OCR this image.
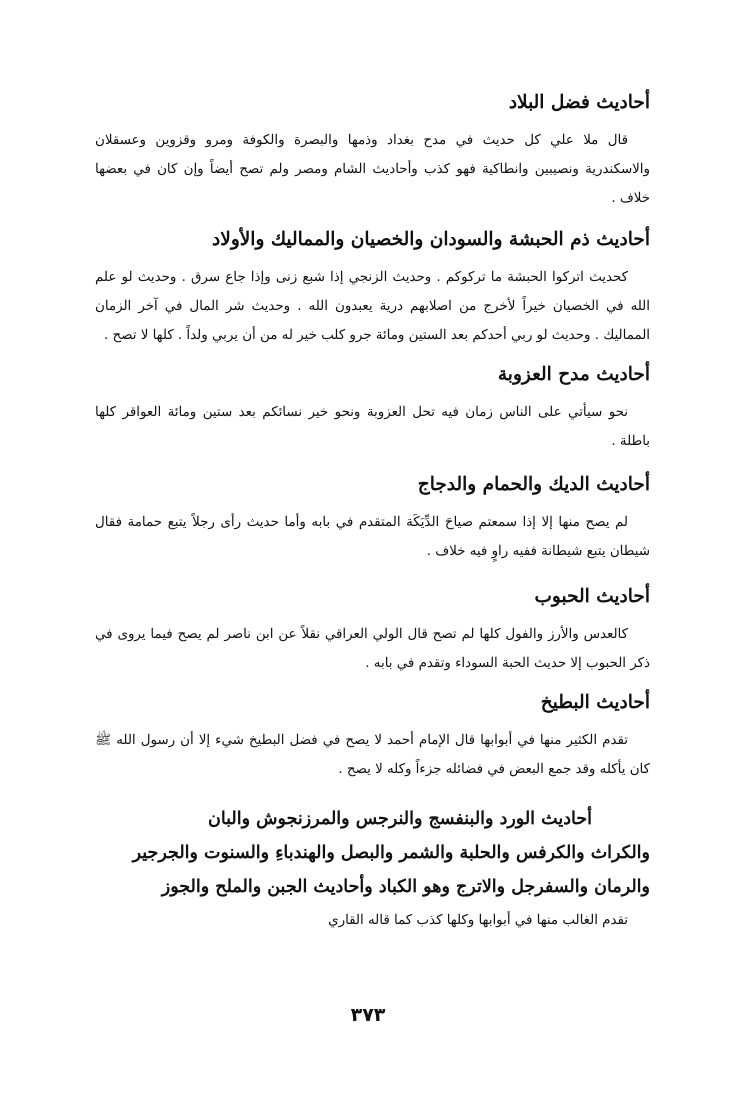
أحاديث فضل البلاد

قال ملا علي كل حديث في مدح بغداد وذمها والبصرة والكوفة ومرو وقزوين وعسقلان والاسكندرية ونصيبين وانطاكية فهو كذب وأحاديث الشام ومصر ولم تصح أيضاً وإن كان في بعضها خلاف .

أحاديث ذم الحبشة والسودان والخصيان والمماليك والأولاد

كحديث اتركوا الحبشة ما تركوكم . وحديث الزنجي إذا شبع زنى وإذا جاع سرق . وحديث لو علم الله في الخصيان خيراً لأخرج من اصلابهم درية يعبدون الله . وحديث شر المال في آخر الزمان المماليك . وحديث لو ربي أحدكم بعد الستين ومائة جرو كلب خير له من أن يربي ولداً . كلها لا تصح .

أحاديث مدح العزوبة

نحو سيأتي على الناس زمان فيه تحل العزوبة ونحو خير نسائكم بعد ستين ومائة العواقر كلها باطلة .

أحاديث الديك والحمام والدجاج

لم يصح منها إلا إذا سمعتم صياحَ الدِّيَكَة المتقدم في بابه وأما حديث رأى رجلاً يتبع حمامة فقال شيطان يتبع شيطانة ففيه راوٍ فيه خلاف .

أحاديث الحبوب

كالعدس والأرز والفول كلها لم تصح قال الولي العراقي نقلاً عن ابن ناصر لم يصح فيما يروى في ذكر الحبوب إلا حديث الحبة السوداء وتقدم في بابه .

أحاديث البطيخ

تقدم الكثير منها في أبوابها قال الإمام أحمد لا يصح في فضل البطيخ شيء إلا أن رسول الله ﷺ كان يأكله وقد جمع البعض في فضائله جزءاً وكله لا يصح .

أحاديث الورد والبنفسج والنرجس والمرزنجوش والبان
والكراث والكرفس والحلبة والشمر والبصل والهندباءِ والسنوت والجرجير
والرمان والسفرجل والاترج وهو الكباد وأحاديث الجبن والملح والجوز

تقدم الغالب منها في أبوابها وكلها كذب كما قاله القاري

٣٧٣
